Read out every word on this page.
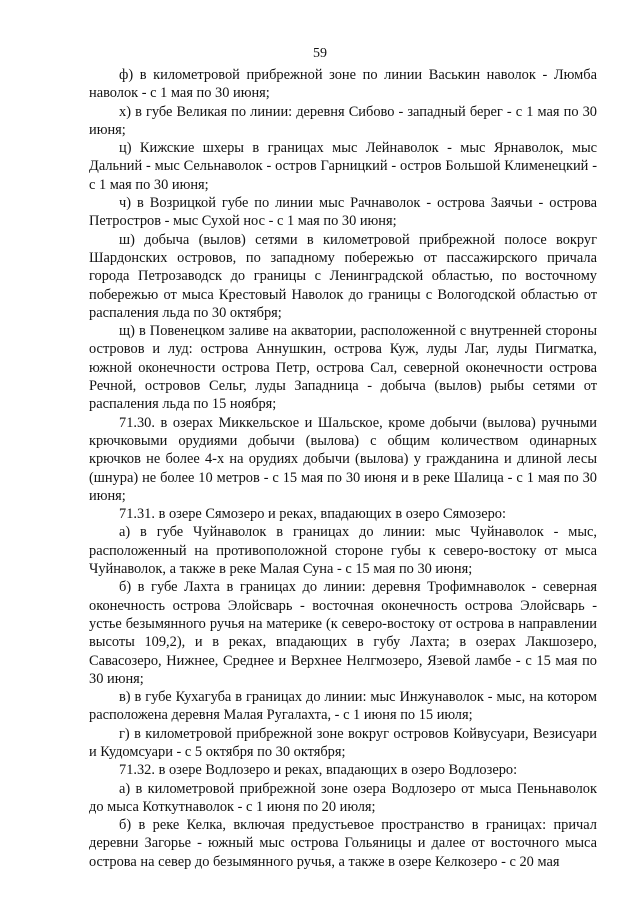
59

ф) в километровой прибрежной зоне по линии Васькин наволок - Люмба наволок - с 1 мая по 30 июня;

х) в губе Великая по линии: деревня Сибово - западный берег - с 1 мая по 30 июня;

ц) Кижские шхеры в границах мыс Лейнаволок - мыс Ярнаволок, мыс Дальний - мыс Сельнаволок - остров Гарницкий - остров Большой Клименецкий - с 1 мая по 30 июня;

ч) в Возрицкой губе по линии мыс Рачнаволок - острова Заячьи - острова Петростров - мыс Сухой нос - с 1 мая по 30 июня;

ш) добыча (вылов) сетями в километровой прибрежной полосе вокруг Шардонских островов, по западному побережью от пассажирского причала города Петрозаводск до границы с Ленинградской областью, по восточному побережью от мыса Крестовый Наволок до границы с Вологодской областью от распаления льда по 30 октября;

щ) в Повенецком заливе на акватории, расположенной с внутренней стороны островов и луд: острова Аннушкин, острова Куж, луды Лаг, луды Пигматка, южной оконечности острова Петр, острова Сал, северной оконечности острова Речной, островов Сельг, луды Западница - добыча (вылов) рыбы сетями от распаления льда по 15 ноября;

71.30. в озерах Миккельское и Шальское, кроме добычи (вылова) ручными крючковыми орудиями добычи (вылова) с общим количеством одинарных крючков не более 4-х на орудиях добычи (вылова) у гражданина и длиной лесы (шнура) не более 10 метров - с 15 мая по 30 июня и в реке Шалица - с 1 мая по 30 июня;

71.31. в озере Сямозеро и реках, впадающих в озеро Сямозеро:

а) в губе Чуйнаволок в границах до линии: мыс Чуйнаволок - мыс, расположенный на противоположной стороне губы к северо-востоку от мыса Чуйнаволок, а также в реке Малая Суна - с 15 мая по 30 июня;

б) в губе Лахта в границах до линии: деревня Трофимнаволок - северная оконечность острова Элойсварь - восточная оконечность острова Элойсварь - устье безымянного ручья на материке (к северо-востоку от острова в направлении высоты 109,2), и в реках, впадающих в губу Лахта; в озерах Лакшозеро, Савасозеро, Нижнее, Среднее и Верхнее Нелгмозеро, Язевой ламбе - с 15 мая по 30 июня;

в) в губе Кухагуба в границах до линии: мыс Инжунаволок - мыс, на котором расположена деревня Малая Ругалахта, - с 1 июня по 15 июля;

г) в километровой прибрежной зоне вокруг островов Койвусуари, Везисуари и Кудомсуари - с 5 октября по 30 октября;

71.32. в озере Водлозеро и реках, впадающих в озеро Водлозеро:

а) в километровой прибрежной зоне озера Водлозеро от мыса Пеньнаволок до мыса Коткутнаволок - с 1 июня по 20 июля;

б) в реке Келка, включая предустьевое пространство в границах: причал деревни Загорье - южный мыс острова Гольяницы и далее от восточного мыса острова на север до безымянного ручья, а также в озере Келкозеро - с 20 мая
